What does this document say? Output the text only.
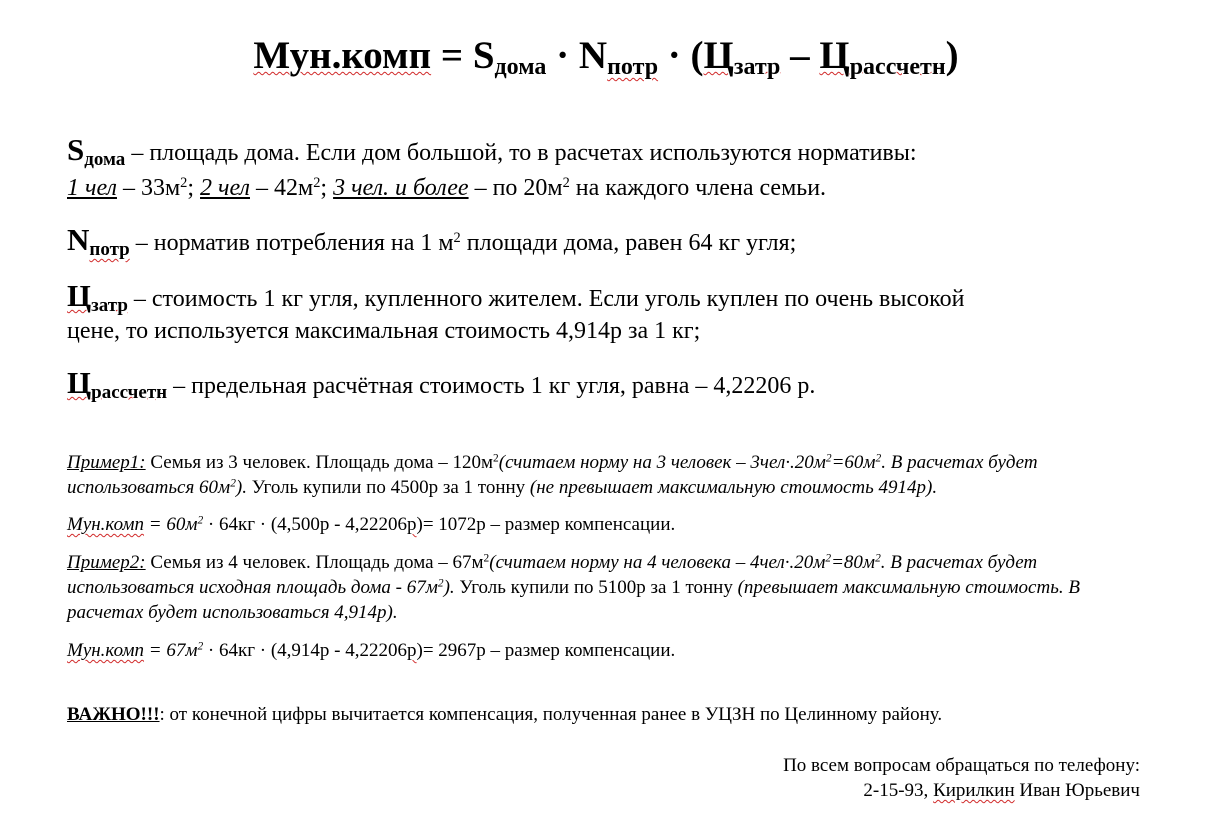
Мун.комп = $S_{дома} \cdot N_{потр} \cdot (Ц_{затр} - Ц_{рассчетн})$
$S_{дома}$ – площадь дома. Если дом большой, то в расчетах используются нормативы:
1 чел – $33м^2$; 2 чел – $42м^2$; 3 чел. и более – по $20м^2$ на каждого члена семьи.
$N_{потр}$ – норматив потребления на 1 $м^2$ площади дома, равен 64 кг угля;
$Ц_{затр}$ – стоимость 1 кг угля, купленного жителем. Если уголь куплен по очень высокой
цене, то используется максимальная стоимость 4,914р за 1 кг;
$Ц_{рассчетн}$ – предельная расчётная стоимость 1 кг угля, равна – 4,22206 р.
Пример1: Семья из 3 человек. Площадь дома – $120м^2(считаем$ норму на 3 человек – $3чел\cdot.20м^2=60м^2$. В расчетах будет использоваться $60м^2$). Уголь купили по 4500р за 1 тонну (не превышает максимальную стоимость 4914р).
Мун.комп = $60м^2 \cdot 64кг \cdot (4,500р - 4,22206р)= 1072р$ – размер компенсации.
Пример2: Семья из 4 человек. Площадь дома – $67м^2(считаем$ норму на 4 человека – $4чел\cdot.20м^2=80м^2$. В расчетах будет использоваться исходная площадь дома - $67м^2$). Уголь купили по 5100р за 1 тонну (превышает максимальную стоимость. В расчетах будет использоваться 4,914р).
Мун.комп = $67м^2 \cdot 64кг \cdot (4,914р - 4,22206р)= 2967р$ – размер компенсации.
ВАЖНО!!!: от конечной цифры вычитается компенсация, полученная ранее в УЦЗН по Целинному району.
По всем вопросам обращаться по телефону:
2-15-93, Кирилкин Иван Юрьевич
